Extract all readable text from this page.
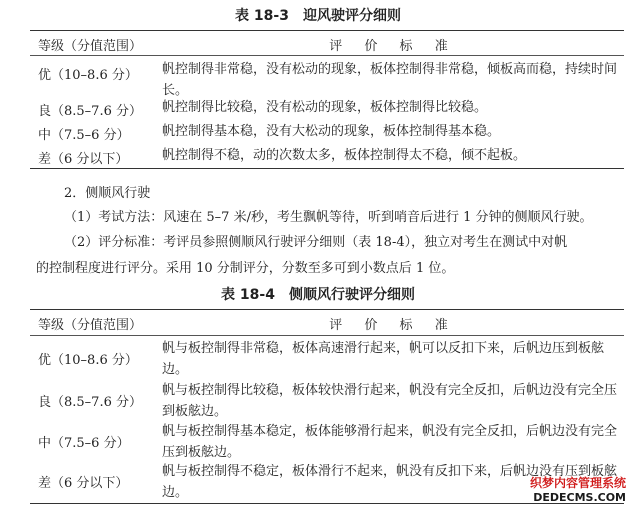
表 18-3　迎风驶评分细则
等级（分值范围）	评 价 标 准
优（10–8.6 分） 帆控制得非常稳，没有松动的现象，板体控制得非常稳，倾板高而稳，持续时间长。
良（8.5–7.6 分） 帆控制得比较稳，没有松动的现象，板体控制得比较稳。
中（7.5–6 分） 帆控制得基本稳，没有大松动的现象，板体控制得基本稳。
差（6 分以下）	帆控制得不稳，动的次数太多，板体控制得太不稳，倾不起板。
2．侧顺风行驶
（1）考试方法：风速在 5–7 米/秒，考生飘帆等待，听到哨音后进行 1 分钟的侧顺风行驶。
（2）评分标准：考评员参照侧顺风行驶评分细则（表 18-4），独立对考生在测试中对帆
的控制程度进行评分。采用 10 分制评分，分数至多可到小数点后 1 位。
表 18-4　侧顺风行驶评分细则
等级（分值范围）	评 价 标 准
优（10–8.6 分）
帆与板控制得非常稳，板体高速滑行起来，帆可以反扣下来，后帆边压到板舷边。
良（8.5–7.6 分）
帆与板控制得比较稳，板体较快滑行起来，帆没有完全反扣，后帆边没有完全压到板舷边。
中（7.5–6 分）
帆与板控制得基本稳定，板体能够滑行起来，帆没有完全反扣，后帆边没有完全压到板舷边。
差（6 分以下）
帆与板控制得不稳定，板体滑行不起来，帆没有反扣下来，后帆边没有压到板舷边。
织梦内容管理系统
DEDECMS.COM
